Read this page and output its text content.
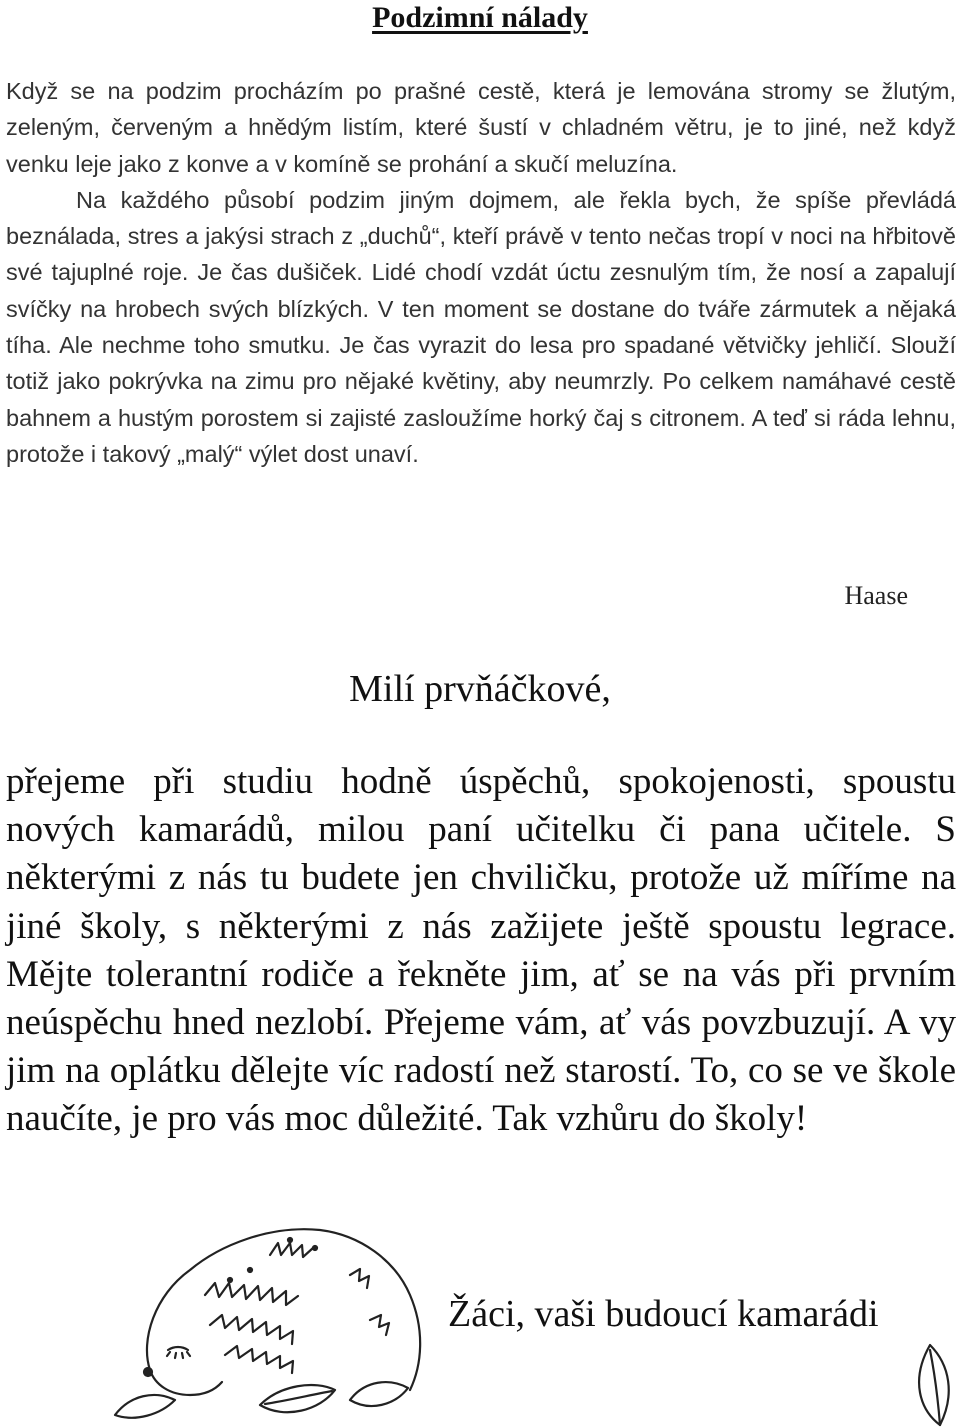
Podzimní nálady

Když se na podzim procházím po prašné cestě, která je lemována stromy se žlutým, zeleným, červeným a hnědým listím, které šustí v chladném větru, je to jiné, než když venku leje jako z konve a v komíně se prohání a skučí meluzína.

Na každého působí podzim jiným dojmem, ale řekla bych, že spíše převládá beználada, stres a jakýsi strach z „duchů“, kteří právě v tento nečas tropí v noci na hřbitově své tajuplné roje. Je čas dušiček. Lidé chodí vzdát úctu zesnulým tím, že nosí a zapalují svíčky na hrobech svých blízkých. V ten moment se dostane do tváře zármutek a nějaká tíha. Ale nechme toho smutku. Je čas vyrazit do lesa pro spadané větvičky jehličí. Slouží totiž jako pokrývka na zimu pro nějaké květiny, aby neumrzly. Po celkem namáhavé cestě bahnem a hustým porostem si zajisté zasloužíme horký čaj s citronem. A teď si ráda lehnu, protože i takový „malý“ výlet dost unaví.

Haase
Milí prvňáčkové,

přejeme při studiu hodně úspěchů, spokojenosti, spoustu nových kamarádů, milou paní učitelku či pana učitele. S některými z nás tu budete jen chviličku, protože už míříme na jiné školy, s některými z nás zažijete ještě spoustu legrace. Mějte tolerantní rodiče a řekněte jim, ať se na vás při prvním neúspěchu hned nezlobí. Přejeme vám, ať vás povzbuzují. A vy jim na oplátku dělejte víc radostí než starostí. To, co se ve škole naučíte, je pro vás moc důležité. Tak vzhůru do školy!

Žáci, vaši budoucí kamarádi
